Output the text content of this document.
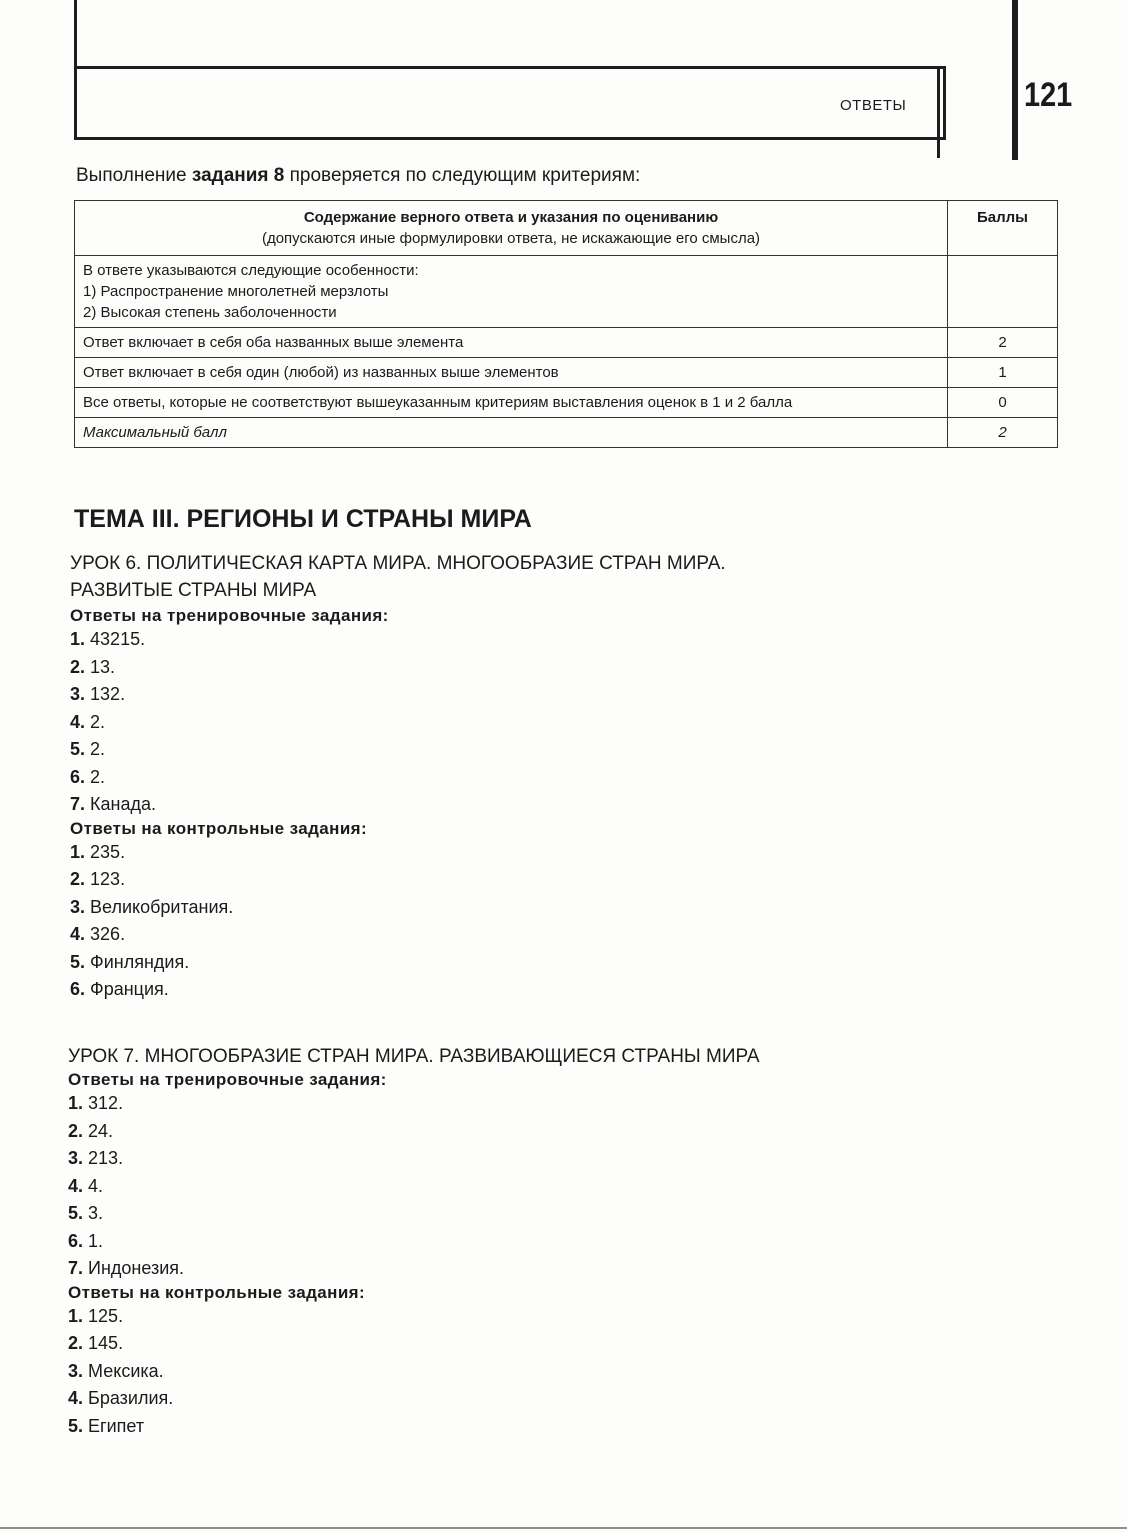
ОТВЕТЫ	121
Выполнение задания 8 проверяется по следующим критериям:
Содержание верного ответа и указания по оцениванию
(допускаются иные формулировки ответа, не искажающие его смысла)	Баллы

В ответе указываются следующие особенности:
1) Распространение многолетней мерзлоты
2) Высокая степень заболоченности	

Ответ включает в себя оба названных выше элемента	2
Ответ включает в себя один (любой) из названных выше элементов	1
Все ответы, которые не соответствуют вышеуказанным критериям выставления оценок в 1 и 2 балла	0
Максимальный балл	2
ТЕМА III. РЕГИОНЫ И СТРАНЫ МИРА
УРОК 6. ПОЛИТИЧЕСКАЯ КАРТА МИРА. МНОГООБРАЗИЕ СТРАН МИРА.
РАЗВИТЫЕ СТРАНЫ МИРА
Ответы на тренировочные задания:
1. 43215.
2. 13.
3. 132.
4. 2.
5. 2.
6. 2.
7. Канада.
Ответы на контрольные задания:
1. 235.
2. 123.
3. Великобритания.
4. 326.
5. Финляндия.
6. Франция.
УРОК 7. МНОГООБРАЗИЕ СТРАН МИРА. РАЗВИВАЮЩИЕСЯ СТРАНЫ МИРА
Ответы на тренировочные задания:
1. 312.
2. 24.
3. 213.
4. 4.
5. 3.
6. 1.
7. Индонезия.
Ответы на контрольные задания:
1. 125.
2. 145.
3. Мексика.
4. Бразилия.
5. Египет
